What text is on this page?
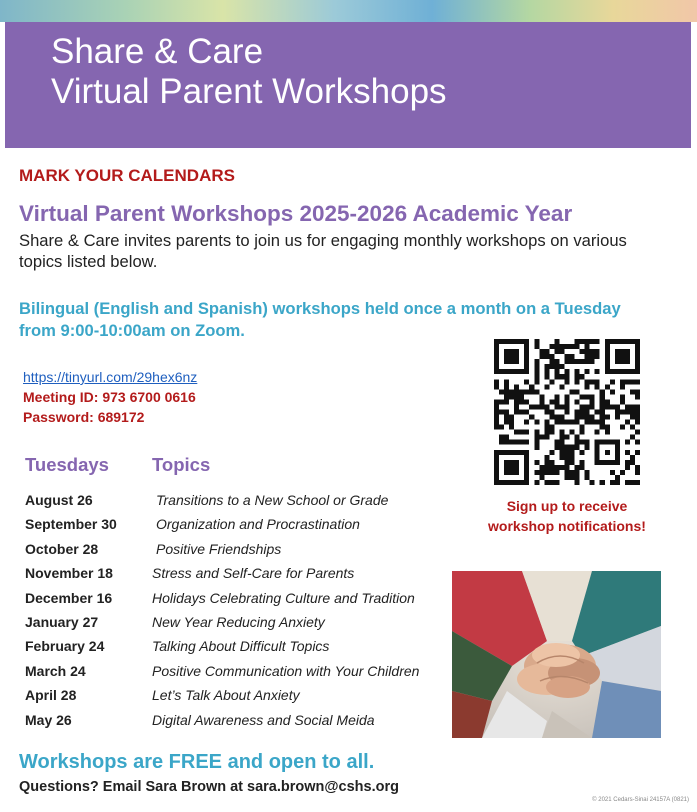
Share & Care
Virtual Parent Workshops
MARK YOUR CALENDARS
Virtual Parent Workshops 2025-2026 Academic Year
Share & Care invites parents to join us for engaging monthly workshops on various topics listed below.
Bilingual (English and Spanish) workshops held once a month on a Tuesday from 9:00-10:00am on Zoom.
https://tinyurl.com/29hex6nz
Meeting ID: 973 6700 0616
Password: 689172
Tuesdays Topics
August 26	Transitions to a New School or Grade
September 30	Organization and Procrastination
October 28	Positive Friendships
November 18	Stress and Self-Care for Parents
December 16	Holidays Celebrating Culture and Tradition
January 27	New Year Reducing Anxiety
February 24	Talking About Difficult Topics
March 24	Positive Communication with Your Children
April 28	Let’s Talk About Anxiety
May 26	Digital Awareness and Social Meida
Sign up to receive
workshop notifications!
Workshops are FREE and open to all.
Questions? Email Sara Brown at sara.brown@cshs.org
© 2021 Cedars-Sinai 24157A (0821)
